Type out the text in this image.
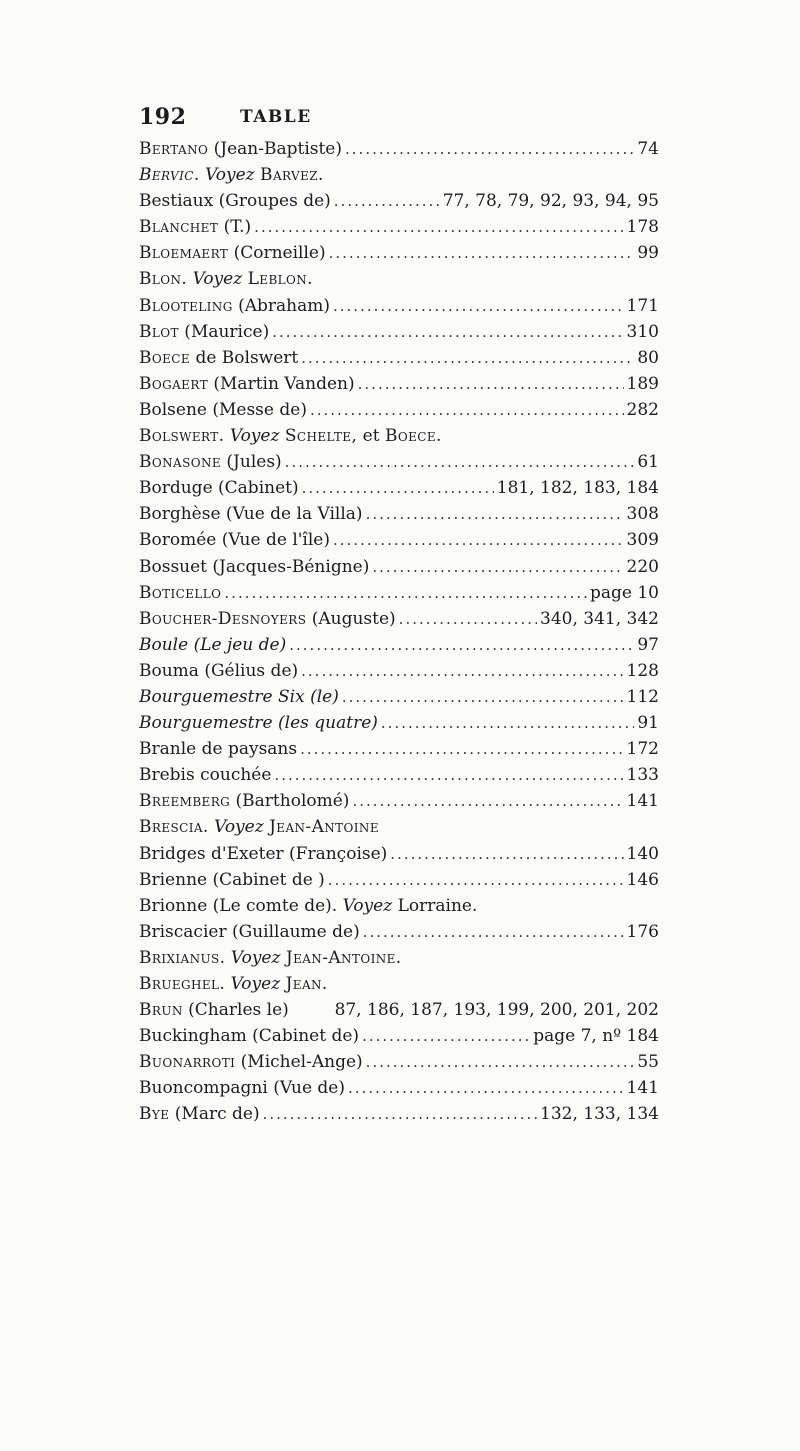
192	TABLE
Bertano (Jean-Baptiste) .....	74
Bervic. Voyez Barvez.
Bestiaux (Groupes de) .....	77, 78, 79, 92, 93, 94, 95
Blanchet (T.) .....	178
Bloemaert (Corneille) .....	99
Blon. Voyez Leblon.
Blooteling (Abraham) .....	171
Blot (Maurice) .....	310
Boece de Bolswert .....	80
Bogaert (Martin Vanden) .....	189
Bolsene (Messe de) .....	282
Bolswert. Voyez Schelte, et Boece.
Bonasone (Jules) .....	61
Borduge (Cabinet) .....	181, 182, 183, 184
Borghèse (Vue de la Villa) .....	308
Boromée (Vue de l'île) .....	309
Bossuet (Jacques-Bénigne) .....	220
Boticello .....	page 10
Boucher-Desnoyers (Auguste) .....	340, 341, 342
Boule (Le jeu de) .....	97
Bouma (Gélius de) .....	128
Bourguemestre Six (le) .....	112
Bourguemestre (les quatre) .....	91
Branle de paysans .....	172
Brebis couchée .....	133
Breemberg (Bartholomé) .....	141
Brescia. Voyez Jean-Antoine
Bridges d'Exeter (Françoise) .....	140
Brienne (Cabinet de ) .....	146
Brionne (Le comte de). Voyez Lorraine.
Briscacier (Guillaume de) .....	176
Brixianus. Voyez Jean-Antoine.
Brueghel. Voyez Jean.
Brun (Charles le)	87, 186, 187, 193, 199, 200, 201, 202
Buckingham (Cabinet de) .....	page 7, nº 184
Buonarroti (Michel-Ange) .....	55
Buoncompagni (Vue de) .....	141
Bye (Marc de) .....	132, 133, 134
